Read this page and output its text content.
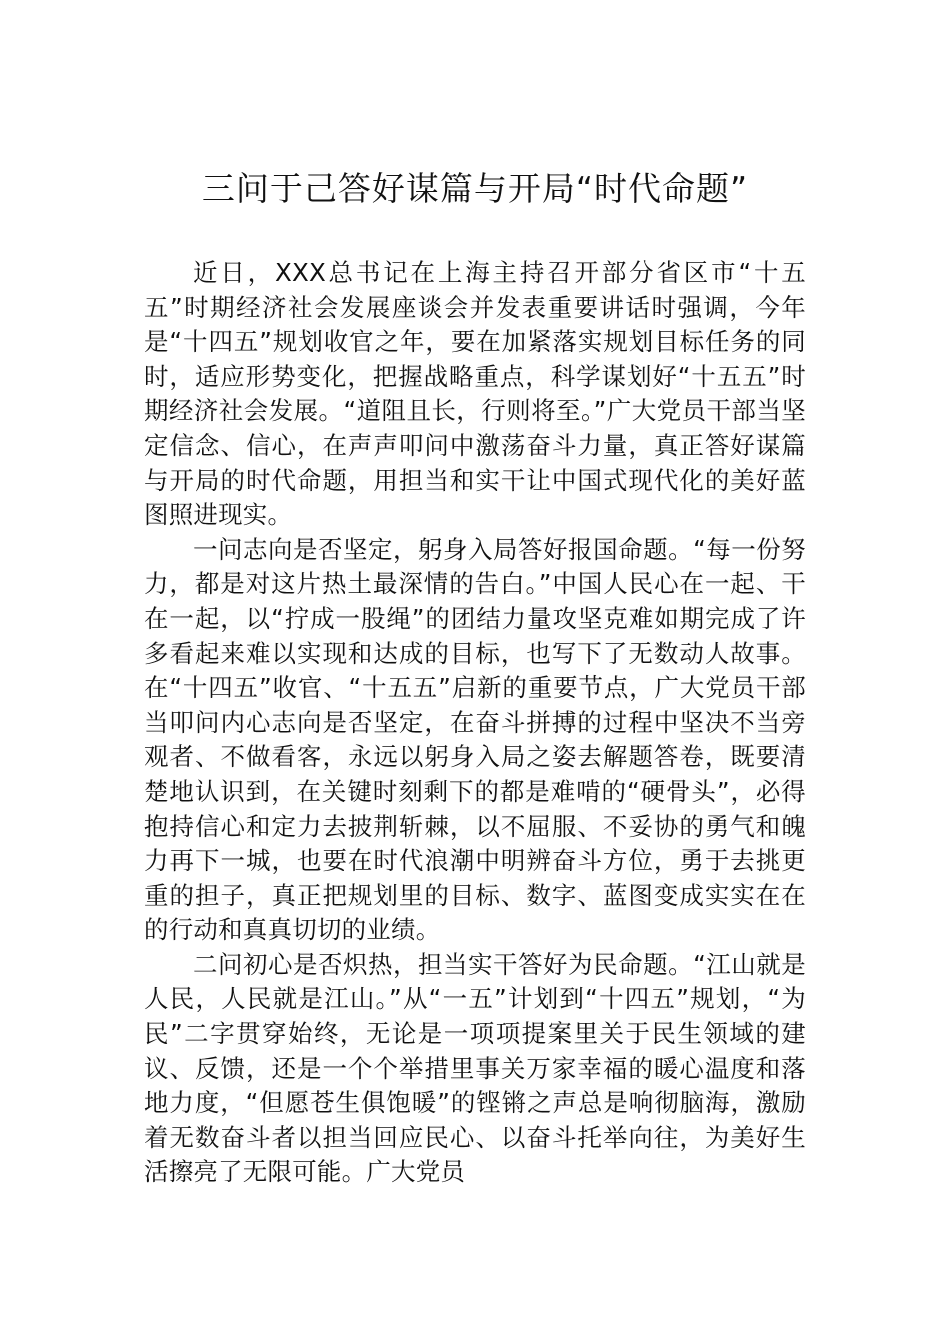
三问于己答好谋篇与开局“时代命题”

近日，XXX总书记在上海主持召开部分省区市“十五五”时期经济社会发展座谈会并发表重要讲话时强调，今年是“十四五”规划收官之年，要在加紧落实规划目标任务的同时，适应形势变化，把握战略重点，科学谋划好“十五五”时期经济社会发展。“道阻且长，行则将至。”广大党员干部当坚定信念、信心，在声声叩问中激荡奋斗力量，真正答好谋篇与开局的时代命题，用担当和实干让中国式现代化的美好蓝图照进现实。

一问志向是否坚定，躬身入局答好报国命题。“每一份努力，都是对这片热土最深情的告白。”中国人民心在一起、干在一起，以“拧成一股绳”的团结力量攻坚克难如期完成了许多看起来难以实现和达成的目标，也写下了无数动人故事。在“十四五”收官、“十五五”启新的重要节点，广大党员干部当叩问内心志向是否坚定，在奋斗拼搏的过程中坚决不当旁观者、不做看客，永远以躬身入局之姿去解题答卷，既要清楚地认识到，在关键时刻剩下的都是难啃的“硬骨头”，必得抱持信心和定力去披荆斩棘，以不屈服、不妥协的勇气和魄力再下一城，也要在时代浪潮中明辨奋斗方位，勇于去挑更重的担子，真正把规划里的目标、数字、蓝图变成实实在在的行动和真真切切的业绩。

二问初心是否炽热，担当实干答好为民命题。“江山就是人民，人民就是江山。”从“一五”计划到“十四五”规划，“为民”二字贯穿始终，无论是一项项提案里关于民生领域的建议、反馈，还是一个个举措里事关万家幸福的暖心温度和落地力度，“但愿苍生俱饱暖”的铿锵之声总是响彻脑海，激励着无数奋斗者以担当回应民心、以奋斗托举向往，为美好生活擦亮了无限可能。广大党员
